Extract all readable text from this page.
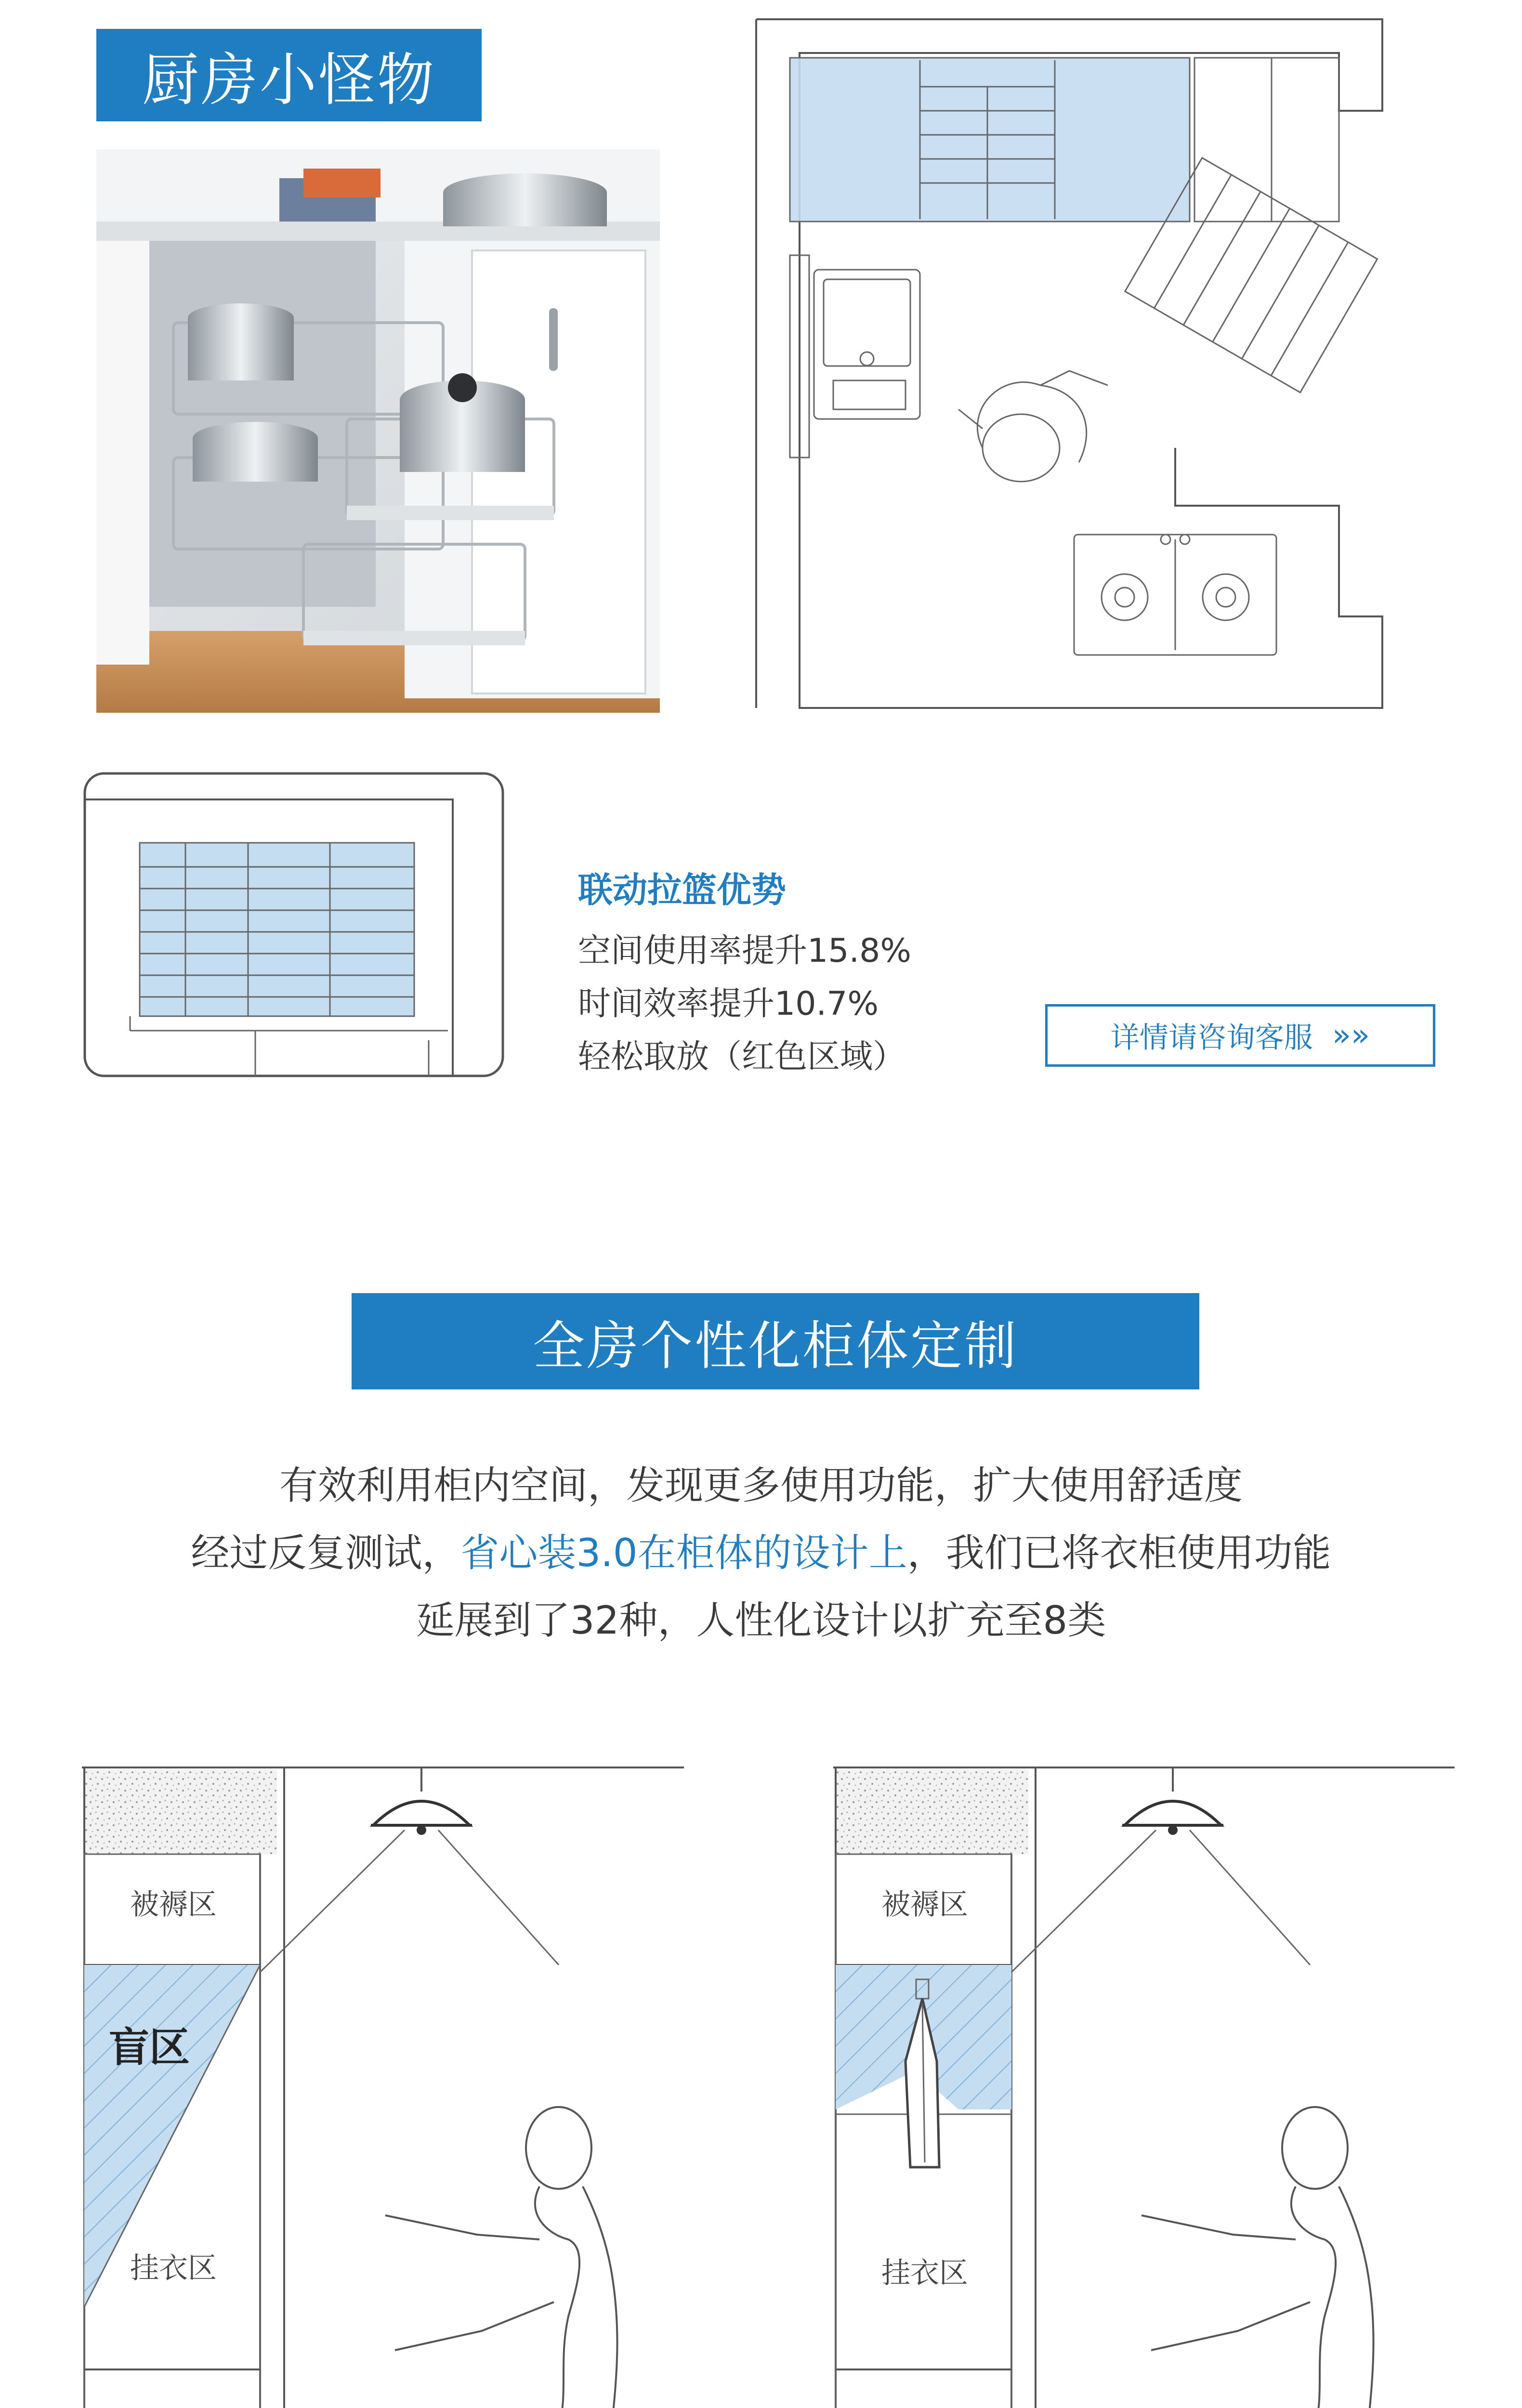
厨房小怪物
联动拉篮优势
空间使用率提升15.8%
时间效率提升10.7%
轻松取放（红色区域）	详情请咨询客服 »»
全房个性化柜体定制
有效利用柜内空间，发现更多使用功能，扩大使用舒适度
经过反复测试，省心装3.0在柜体的设计上，我们已将衣柜使用功能
延展到了32种，人性化设计以扩充至8类
被褥区
盲区
挂衣区
被褥区
挂衣区
